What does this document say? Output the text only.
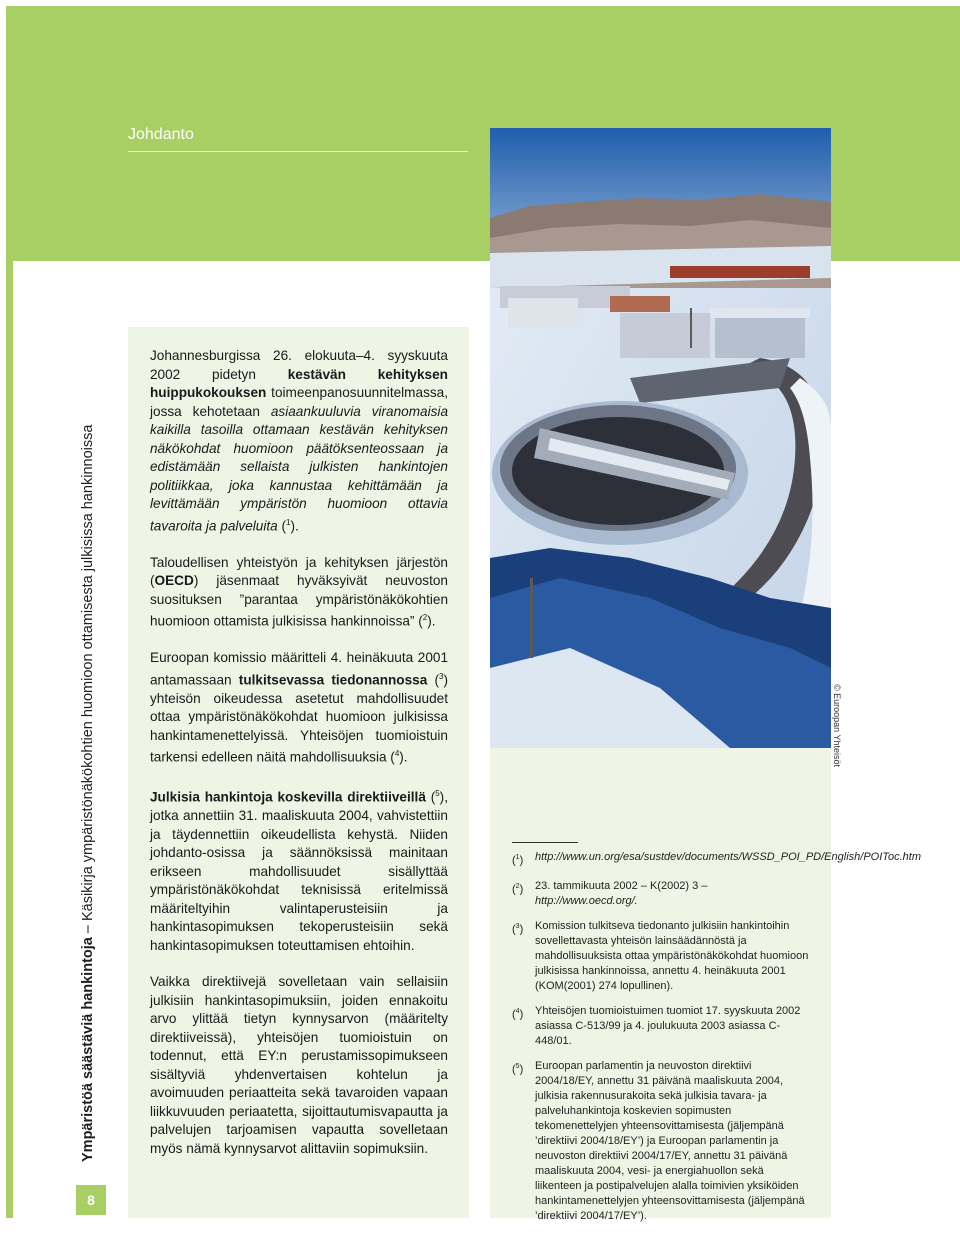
Johdanto
Ympäristöä säästäviä hankintoja – Käsikirja ympäristönäkökohtien huomioon ottamisesta julkisissa hankinnoissa
8

Johannesburgissa 26. elokuuta–4. syyskuuta 2002 pidetyn kestävän kehityksen huippukokouksen toimeenpanosuunnitelmassa, jossa kehotetaan asiaankuuluvia viranomaisia kaikilla tasoilla ottamaan kestävän kehityksen näkökohdat huomioon päätöksenteossaan ja edistämään sellaista julkisten hankintojen politiikkaa, joka kannustaa kehittämään ja levittämään ympäristön huomioon ottavia tavaroita ja palveluita ($^1$).

Taloudellisen yhteistyön ja kehityksen järjestön (OECD) jäsenmaat hyväksyivät neuvoston suosituksen ”parantaa ympäristönäkökohtien huomioon ottamista julkisissa hankinnoissa” ($^2$).

Euroopan komissio määritteli 4. heinäkuuta 2001 antamassaan tulkitsevassa tiedonannossa ($^3$) yhteisön oikeudessa asetetut mahdollisuudet ottaa ympäristönäkökohdat huomioon julkisissa hankintamenettelyissä. Yhteisöjen tuomioistuin tarkensi edelleen näitä mahdollisuuksia ($^4$).

Julkisia hankintoja koskevilla direktiiveillä ($^5$), jotka annettiin 31. maaliskuuta 2004, vahvistettiin ja täydennettiin oikeudellista kehystä. Niiden johdanto-osissa ja säännöksissä mainitaan erikseen mahdollisuudet sisällyttää ympäristönäkökohdat teknisissä eritelmissä määriteltyihin valintaperusteisiin ja hankintasopimuksen tekoperusteisiin sekä hankintasopimuksen toteuttamisen ehtoihin.

Vaikka direktiivejä sovelletaan vain sellaisiin julkisiin hankintasopimuksiin, joiden ennakoitu arvo ylittää tietyn kynnysarvon (määritelty direktiiveissä), yhteisöjen tuomioistuin on todennut, että EY:n perustamissopimukseen sisältyviä yhdenvertaisen kohtelun ja avoimuuden periaatteita sekä tavaroiden vapaan liikkuvuuden periaatetta, sijoittautumisvapautta ja palvelujen tarjoamisen vapautta sovelletaan myös nämä kynnysarvot alittaviin sopimuksiin.

© Euroopan Yhteisöt
($^1$)	http://www.un.org/esa/sustdev/documents/WSSD_POI_PD/English/POIToc.htm
($^2$)	23. tammikuuta 2002 – K(2002) 3 – http://www.oecd.org/.
($^3$)	Komission tulkitseva tiedonanto julkisiin hankintoihin sovellettavasta yhteisön lainsäädännöstä ja mahdollisuuksista ottaa ympäristönäkökohdat huomioon julkisissa hankinnoissa, annettu 4. heinäkuuta 2001 (KOM(2001) 274 lopullinen).
($^4$)	Yhteisöjen tuomioistuimen tuomiot 17. syyskuuta 2002 asiassa C-513/99 ja 4. joulukuuta 2003 asiassa C-448/01.
($^5$)	Euroopan parlamentin ja neuvoston direktiivi 2004/18/EY, annettu 31 päivänä maaliskuuta 2004, julkisia rakennusurakoita sekä julkisia tavara- ja palveluhankintoja koskevien sopimusten tekomenettelyjen yhteensovittamisesta (jäljempänä ’direktiivi 2004/18/EY’) ja Euroopan parlamentin ja neuvoston direktiivi 2004/17/EY, annettu 31 päivänä maaliskuuta 2004, vesi- ja energiahuollon sekä liikenteen ja postipalvelujen alalla toimivien yksiköiden hankintamenettelyjen yhteensovittamisesta (jäljempänä ’direktiivi 2004/17/EY’).
